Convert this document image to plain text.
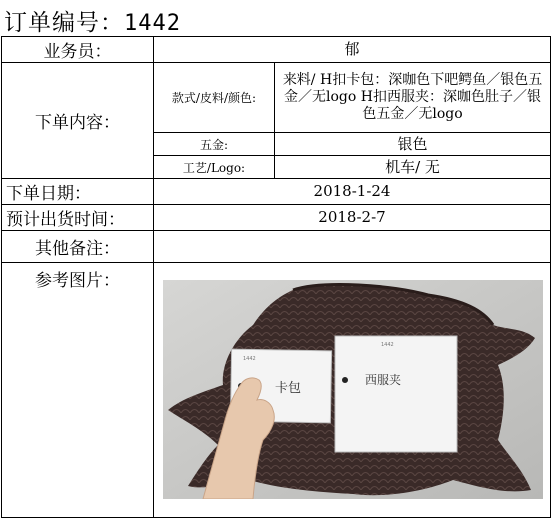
订单编号：1442
业务员：	郁	
下单内容：	款式/皮料/颜色:	来料/ H扣卡包：深咖色下吧鳄鱼／银色五金／无logo H扣西服夹：深咖色肚子／银色五金／无logo
	五金:	银色
	工艺/Logo:	机车/ 无
下单日期：	2018-1-24	
预计出货时间：	2018-2-7	
其他备注：		
参考图片：	1442
卡包
1442
西服夹	
